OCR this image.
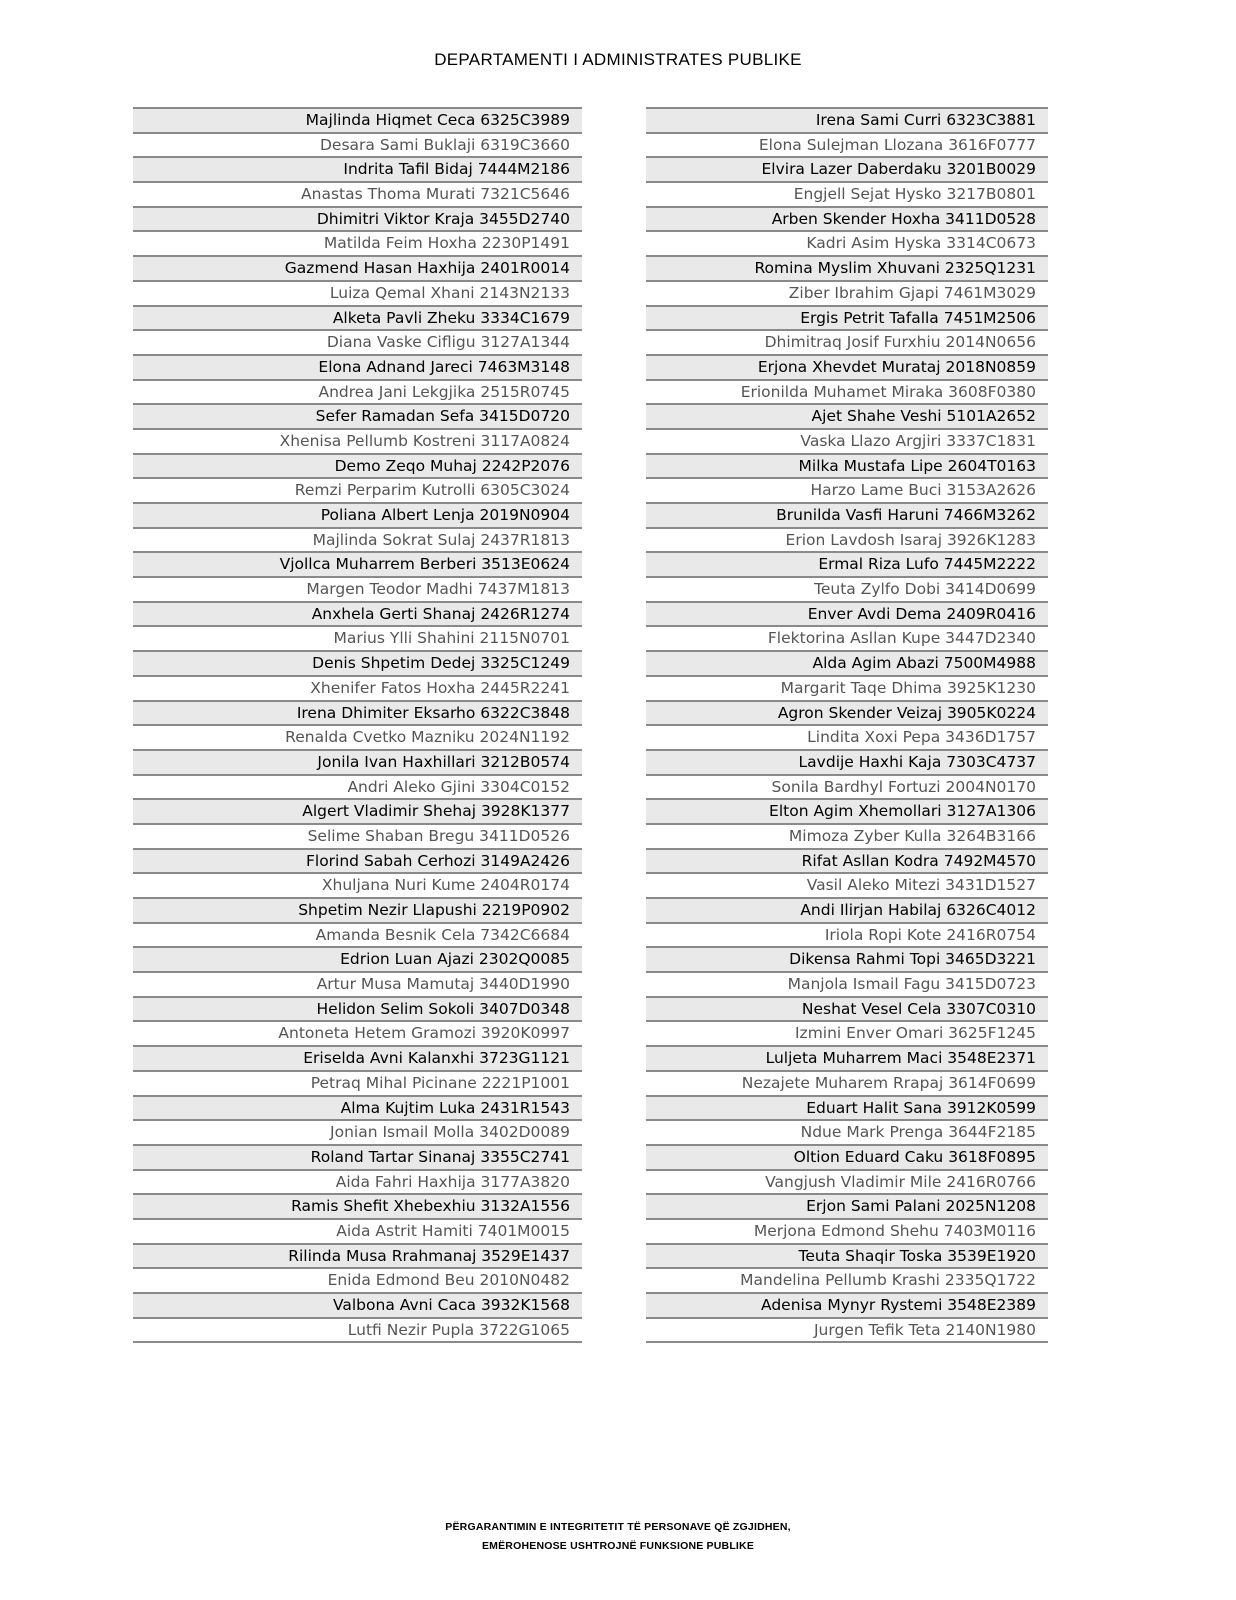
DEPARTAMENTI I ADMINISTRATES PUBLIKE
Majlinda Hiqmet Ceca 6325C3989
Desara Sami Buklaji 6319C3660
Indrita Tafil Bidaj 7444M2186
Anastas Thoma Murati 7321C5646
Dhimitri Viktor Kraja 3455D2740
Matilda Feim Hoxha 2230P1491
Gazmend Hasan Haxhija 2401R0014
Luiza Qemal Xhani 2143N2133
Alketa Pavli Zheku 3334C1679
Diana Vaske Cifligu 3127A1344
Elona Adnand Jareci 7463M3148
Andrea Jani Lekgjika 2515R0745
Sefer Ramadan Sefa 3415D0720
Xhenisa Pellumb Kostreni 3117A0824
Demo Zeqo Muhaj 2242P2076
Remzi Perparim Kutrolli 6305C3024
Poliana Albert Lenja 2019N0904
Majlinda Sokrat Sulaj 2437R1813
Vjollca Muharrem Berberi 3513E0624
Margen Teodor Madhi 7437M1813
Anxhela Gerti Shanaj 2426R1274
Marius Ylli Shahini 2115N0701
Denis Shpetim Dedej 3325C1249
Xhenifer Fatos Hoxha 2445R2241
Irena Dhimiter Eksarho 6322C3848
Renalda Cvetko Mazniku 2024N1192
Jonila Ivan Haxhillari 3212B0574
Andri Aleko Gjini 3304C0152
Algert Vladimir Shehaj 3928K1377
Selime Shaban Bregu 3411D0526
Florind Sabah Cerhozi 3149A2426
Xhuljana Nuri Kume 2404R0174
Shpetim Nezir Llapushi 2219P0902
Amanda Besnik Cela 7342C6684
Edrion Luan Ajazi 2302Q0085
Artur Musa Mamutaj 3440D1990
Helidon Selim Sokoli 3407D0348
Antoneta Hetem Gramozi 3920K0997
Eriselda Avni Kalanxhi 3723G1121
Petraq Mihal Picinane 2221P1001
Alma Kujtim Luka 2431R1543
Jonian Ismail Molla 3402D0089
Roland Tartar Sinanaj 3355C2741
Aida Fahri Haxhija 3177A3820
Ramis Shefit Xhebexhiu 3132A1556
Aida Astrit Hamiti 7401M0015
Rilinda Musa Rrahmanaj 3529E1437
Enida Edmond Beu 2010N0482
Valbona Avni Caca 3932K1568
Lutfi Nezir Pupla 3722G1065
Irena Sami Curri 6323C3881
Elona Sulejman Llozana 3616F0777
Elvira Lazer Daberdaku 3201B0029
Engjell Sejat Hysko 3217B0801
Arben Skender Hoxha 3411D0528
Kadri Asim Hyska 3314C0673
Romina Myslim Xhuvani 2325Q1231
Ziber Ibrahim Gjapi 7461M3029
Ergis Petrit Tafalla 7451M2506
Dhimitraq Josif Furxhiu 2014N0656
Erjona Xhevdet Murataj 2018N0859
Erionilda Muhamet Miraka 3608F0380
Ajet Shahe Veshi 5101A2652
Vaska Llazo Argjiri 3337C1831
Milka Mustafa Lipe 2604T0163
Harzo Lame Buci 3153A2626
Brunilda Vasfi Haruni 7466M3262
Erion Lavdosh Isaraj 3926K1283
Ermal Riza Lufo 7445M2222
Teuta Zylfo Dobi 3414D0699
Enver Avdi Dema 2409R0416
Flektorina Asllan Kupe 3447D2340
Alda Agim Abazi 7500M4988
Margarit Taqe Dhima 3925K1230
Agron Skender Veizaj 3905K0224
Lindita Xoxi Pepa 3436D1757
Lavdije Haxhi Kaja 7303C4737
Sonila Bardhyl Fortuzi 2004N0170
Elton Agim Xhemollari 3127A1306
Mimoza Zyber Kulla 3264B3166
Rifat Asllan Kodra 7492M4570
Vasil Aleko Mitezi 3431D1527
Andi Ilirjan Habilaj 6326C4012
Iriola Ropi Kote 2416R0754
Dikensa Rahmi Topi 3465D3221
Manjola Ismail Fagu 3415D0723
Neshat Vesel Cela 3307C0310
Izmini Enver Omari 3625F1245
Luljeta Muharrem Maci 3548E2371
Nezajete Muharem Rrapaj 3614F0699
Eduart Halit Sana 3912K0599
Ndue Mark Prenga 3644F2185
Oltion Eduard Caku 3618F0895
Vangjush Vladimir Mile 2416R0766
Erjon Sami Palani 2025N1208
Merjona Edmond Shehu 7403M0116
Teuta Shaqir Toska 3539E1920
Mandelina Pellumb Krashi 2335Q1722
Adenisa Mynyr Rystemi 3548E2389
Jurgen Tefik Teta 2140N1980
PËRGARANTIMIN E INTEGRITETIT TË PERSONAVE QË ZGJIDHEN,
EMËROHENOSE USHTROJNË FUNKSIONE PUBLIKE
